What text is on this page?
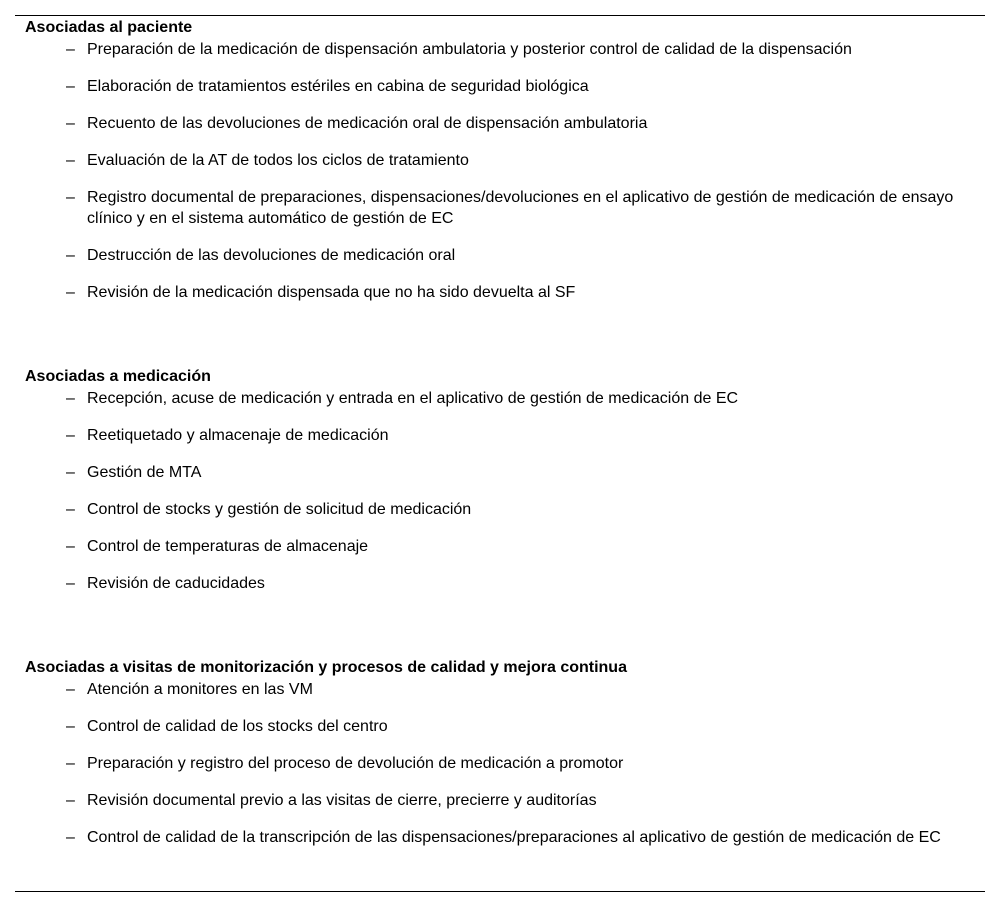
Asociadas al paciente
– Preparación de la medicación de dispensación ambulatoria y posterior control de calidad de la dispensación
– Elaboración de tratamientos estériles en cabina de seguridad biológica
– Recuento de las devoluciones de medicación oral de dispensación ambulatoria
– Evaluación de la AT de todos los ciclos de tratamiento
– Registro documental de preparaciones, dispensaciones/devoluciones en el aplicativo de gestión de medicación de ensayo clínico y en el sistema automático de gestión de EC
– Destrucción de las devoluciones de medicación oral
– Revisión de la medicación dispensada que no ha sido devuelta al SF
Asociadas a medicación
– Recepción, acuse de medicación y entrada en el aplicativo de gestión de medicación de EC
– Reetiquetado y almacenaje de medicación
– Gestión de MTA
– Control de stocks y gestión de solicitud de medicación
– Control de temperaturas de almacenaje
– Revisión de caducidades
Asociadas a visitas de monitorización y procesos de calidad y mejora continua
– Atención a monitores en las VM
– Control de calidad de los stocks del centro
– Preparación y registro del proceso de devolución de medicación a promotor
– Revisión documental previo a las visitas de cierre, precierre y auditorías
– Control de calidad de la transcripción de las dispensaciones/preparaciones al aplicativo de gestión de medicación de EC
